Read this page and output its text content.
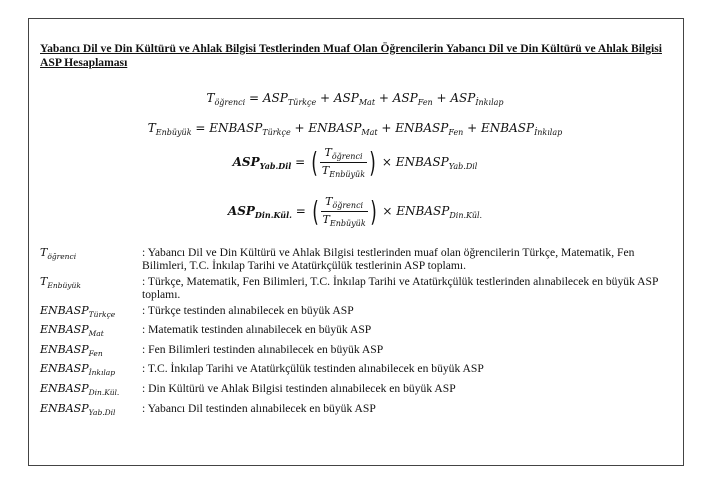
Yabancı Dil ve Din Kültürü ve Ahlak Bilgisi Testlerinden Muaf Olan Öğrencilerin Yabancı Dil ve Din Kültürü ve Ahlak Bilgisi ASP Hesaplaması
$T_{öğrenci} = ASP_{Türkçe} + ASP_{Mat} + ASP_{Fen} + ASP_{İnkılap}$
$T_{Enbüyük}$ = $ENBASP_{Türkçe}$ + $ENBASP_{Mat}$ + $ENBASP_{Fen}$ + $ENBASP_{İnkılap}$
$ASP_{Yab.Dil}$ = ( $\frac{T_{öğrenci}}{T_{Enbüyük}}$ ) × $ENBASP_{Yab.Dil}$
$ASP_{Din.Kül.}$ = ( $\frac{T_{öğrenci}}{T_{Enbüyük}}$ ) × $ENBASP_{Din.Kül.}$
$T_{öğrenci}$	: Yabancı Dil ve Din Kültürü ve Ahlak Bilgisi testlerinden muaf olan öğrencilerin Türkçe, Matematik, Fen Bilimleri, T.C. İnkılap Tarihi ve Atatürkçülük testlerinin ASP toplamı.
$T_{Enbüyük}$	: Türkçe, Matematik, Fen Bilimleri, T.C. İnkılap Tarihi ve Atatürkçülük testlerinden alınabilecek en büyük ASP toplamı.
$ENBASP_{Türkçe}$	: Türkçe testinden alınabilecek en büyük ASP
$ENBASP_{Mat}$	: Matematik testinden alınabilecek en büyük ASP
$ENBASP_{Fen}$	: Fen Bilimleri testinden alınabilecek en büyük ASP
$ENBASP_{İnkılap}$	: T.C. İnkılap Tarihi ve Atatürkçülük testinden alınabilecek en büyük ASP
$ENBASP_{Din.Kül.}$	: Din Kültürü ve Ahlak Bilgisi testinden alınabilecek en büyük ASP
$ENBASP_{Yab.Dil}$	: Yabancı Dil testinden alınabilecek en büyük ASP
